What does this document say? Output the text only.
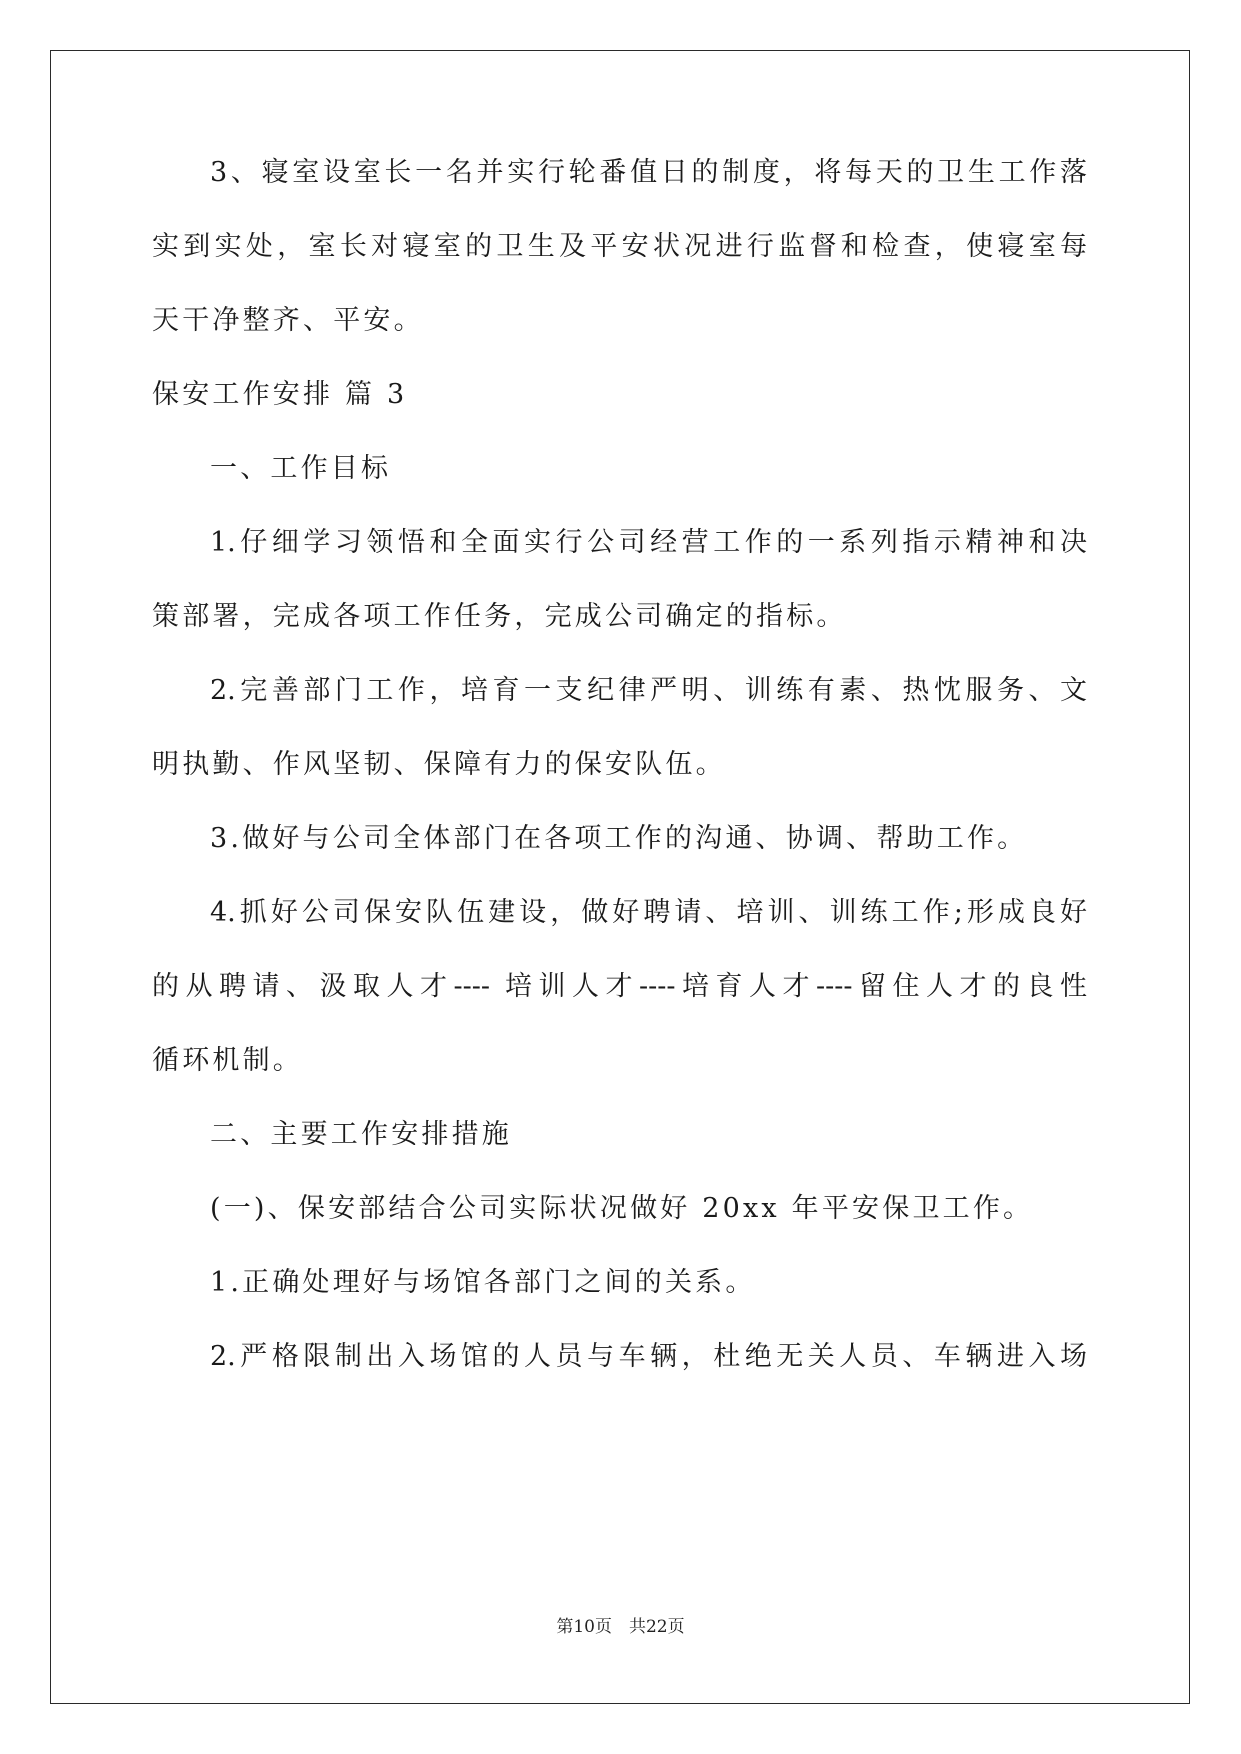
3、寝室设室长一名并实行轮番值日的制度，将每天的卫生工作落
实到实处，室长对寝室的卫生及平安状况进行监督和检查，使寝室每
天干净整齐、平安。
保安工作安排 篇 3
一、工作目标
1.仔细学习领悟和全面实行公司经营工作的一系列指示精神和决
策部署，完成各项工作任务，完成公司确定的指标。
2.完善部门工作，培育一支纪律严明、训练有素、热忱服务、文
明执勤、作风坚韧、保障有力的保安队伍。
3.做好与公司全体部门在各项工作的沟通、协调、帮助工作。
4.抓好公司保安队伍建设，做好聘请、培训、训练工作;形成良好
的从聘请、汲取人才---- 培训人才----培育人才----留住人才的良性
循环机制。
二、主要工作安排措施
(一)、保安部结合公司实际状况做好 20xx 年平安保卫工作。
1.正确处理好与场馆各部门之间的关系。
2.严格限制出入场馆的人员与车辆，杜绝无关人员、车辆进入场
第10页　共22页
